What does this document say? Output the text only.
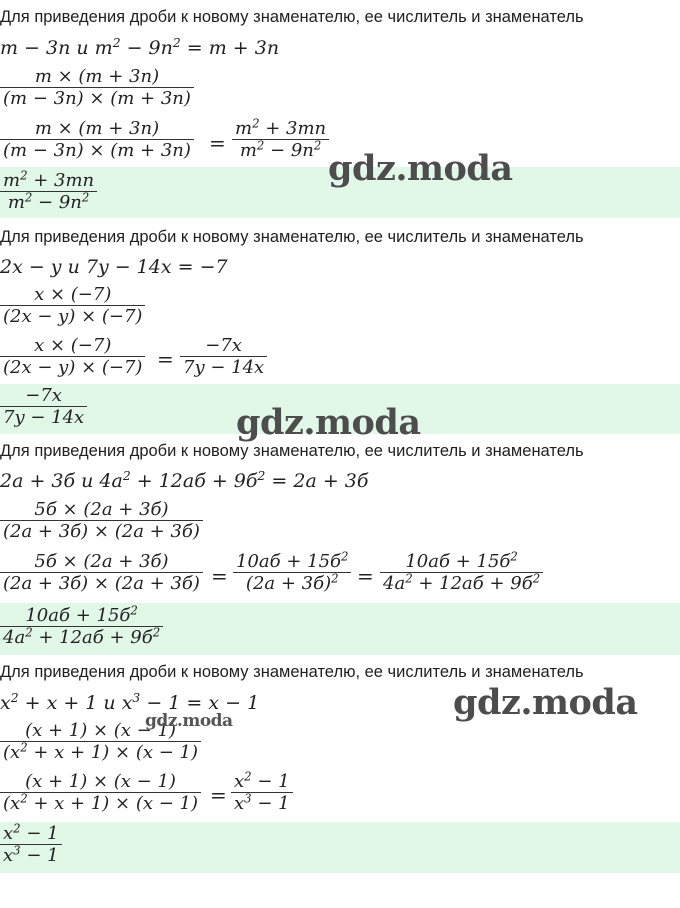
Для приведения дроби к новому знаменателю, ее числитель и знаменатель
m − 3n и $m^2 - 9n^2 = m + 3n$
m × (m + 3n)
(m − 3n) × (m + 3n)
m × (m + 3n)
(m − 3n) × (m + 3n) =
$m^2 + 3mn$
$m^2 - 9n^2$
$m^2 + 3mn$
$m^2 - 9n^2$
Для приведения дроби к новому знаменателю, ее числитель и знаменатель
2x − y и 7y − 14x = −7
x × (−7)
(2x − y) × (−7)
x × (−7)
(2x − y) × (−7) =
−7x
7y − 14x
−7x
7y − 14x
Для приведения дроби к новому знаменателю, ее числитель и знаменатель
2a + 3б и $4a^2 + 12aб + 9б^2 = 2a + 3б$
5б × (2a + 3б)
(2a + 3б) × (2a + 3б)
5б × (2a + 3б)
(2a + 3б) × (2a + 3б) =
$10aб + 15б^2$
$(2a + 3б)^2$ =
$10aб + 15б^2$
$4a^2 + 12aб + 9б^2$
$10aб + 15б^2$
$4a^2 + 12aб + 9б^2$
Для приведения дроби к новому знаменателю, ее числитель и знаменатель
$x^2 + x + 1$ и $x^3 - 1 = x - 1$
(x + 1) × (x − 1)
$(x^2 + x + 1) \times (x - 1)$
(x + 1) × (x − 1)
$(x^2 + x + 1) \times (x - 1)$ =
$x^2 - 1$
$x^3 - 1$
$x^2 - 1$
$x^3 - 1$
gdz.moda
gdz.moda
gdz.moda
gdz.moda
